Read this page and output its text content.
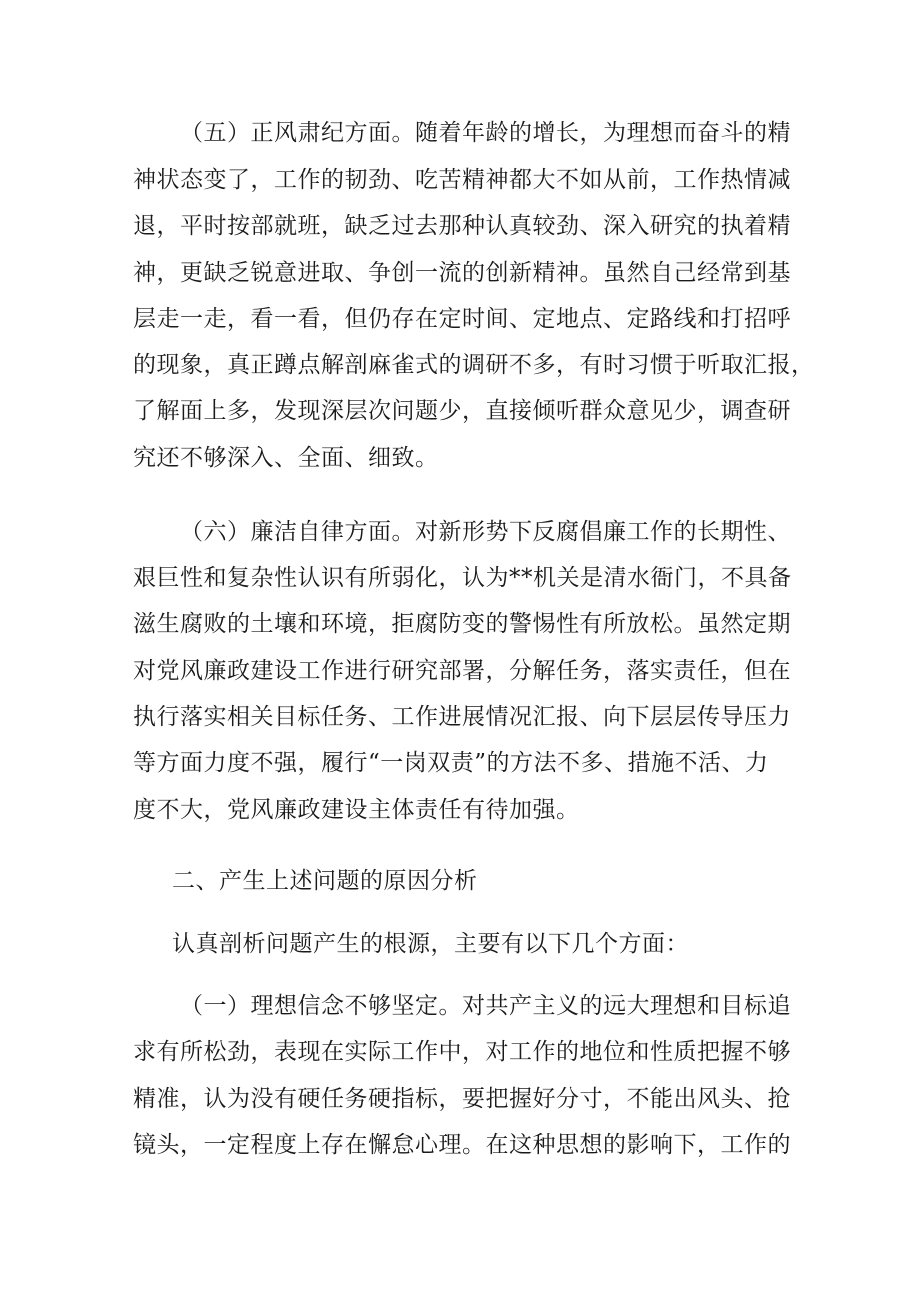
（五）正风肃纪方面。随着年龄的增长，为理想而奋斗的精
神状态变了，工作的韧劲、吃苦精神都大不如从前，工作热情减
退，平时按部就班，缺乏过去那种认真较劲、深入研究的执着精
神，更缺乏锐意进取、争创一流的创新精神。虽然自己经常到基
层走一走，看一看，但仍存在定时间、定地点、定路线和打招呼
的现象，真正蹲点解剖麻雀式的调研不多，有时习惯于听取汇报，
了解面上多，发现深层次问题少，直接倾听群众意见少，调查研
究还不够深入、全面、细致。
（六）廉洁自律方面。对新形势下反腐倡廉工作的长期性、
艰巨性和复杂性认识有所弱化，认为**机关是清水衙门，不具备
滋生腐败的土壤和环境，拒腐防变的警惕性有所放松。虽然定期
对党风廉政建设工作进行研究部署，分解任务，落实责任，但在
执行落实相关目标任务、工作进展情况汇报、向下层层传导压力
等方面力度不强，履行“一岗双责”的方法不多、措施不活、力
度不大，党风廉政建设主体责任有待加强。
二、产生上述问题的原因分析
认真剖析问题产生的根源，主要有以下几个方面：
（一）理想信念不够坚定。对共产主义的远大理想和目标追
求有所松劲，表现在实际工作中，对工作的地位和性质把握不够
精准，认为没有硬任务硬指标，要把握好分寸，不能出风头、抢
镜头，一定程度上存在懈怠心理。在这种思想的影响下，工作的
